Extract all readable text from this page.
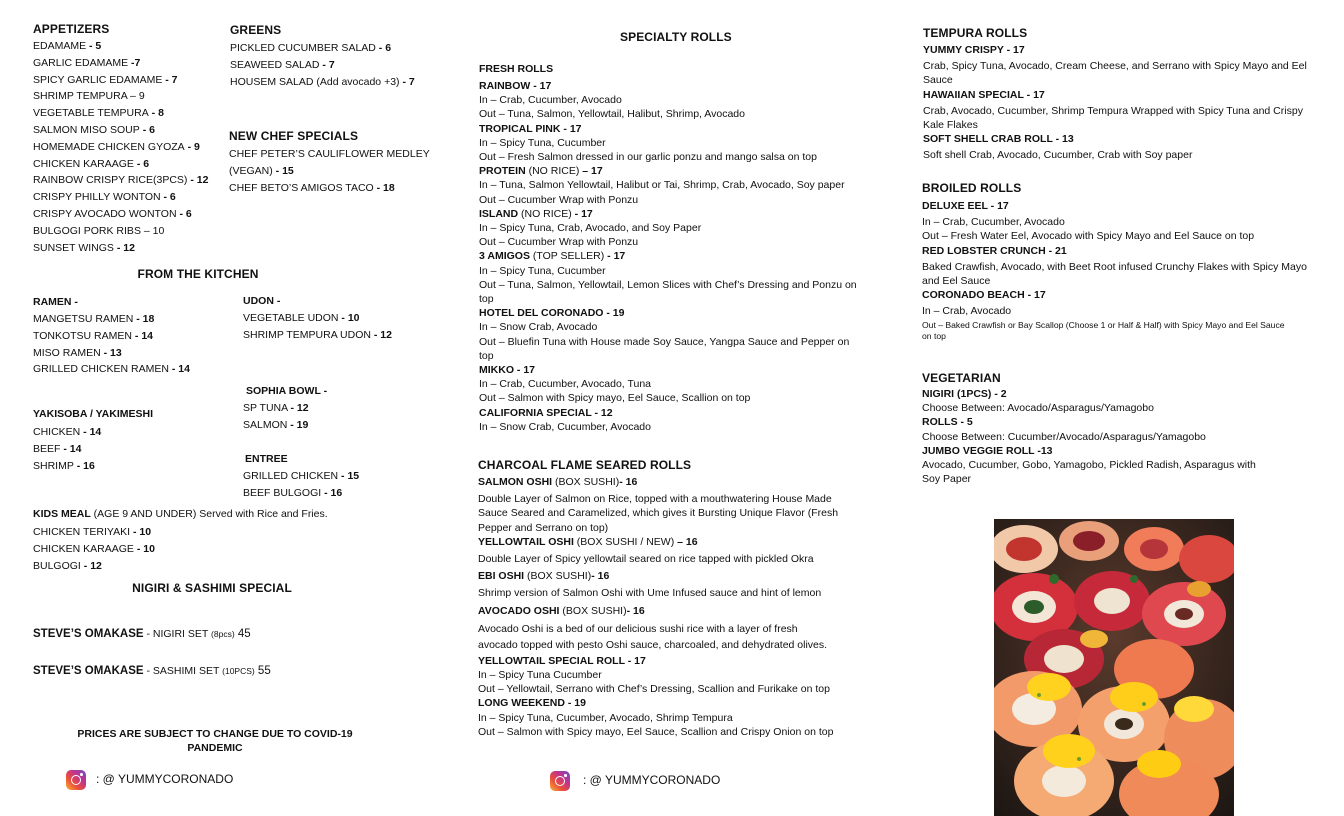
APPETIZERS
EDAMAME - 5
GARLIC EDAMAME -7
SPICY GARLIC EDAMAME - 7
SHRIMP TEMPURA – 9
VEGETABLE TEMPURA - 8
SALMON MISO SOUP - 6
HOMEMADE CHICKEN GYOZA - 9
CHICKEN KARAAGE - 6
RAINBOW CRISPY RICE(3PCS) - 12
CRISPY PHILLY WONTON - 6
CRISPY AVOCADO WONTON - 6
BULGOGI PORK RIBS – 10
SUNSET WINGS - 12
GREENS
PICKLED CUCUMBER SALAD - 6
SEAWEED SALAD - 7
HOUSEM SALAD (Add avocado +3) - 7
NEW CHEF SPECIALS
CHEF PETER’S CAULIFLOWER MEDLEY
(VEGAN) - 15
CHEF BETO’S AMIGOS TACO - 18
FROM THE KITCHEN
RAMEN -
MANGETSU RAMEN - 18
TONKOTSU RAMEN - 14
MISO RAMEN - 13
GRILLED CHICKEN RAMEN - 14
UDON -
VEGETABLE UDON - 10
SHRIMP TEMPURA UDON - 12
SOPHIA BOWL -
SP TUNA - 12
SALMON - 19
YAKISOBA / YAKIMESHI
CHICKEN - 14
BEEF - 14
SHRIMP - 16
ENTREE
GRILLED CHICKEN - 15
BEEF BULGOGI - 16
KIDS MEAL (AGE 9 AND UNDER) Served with Rice and Fries.
CHICKEN TERIYAKI - 10
CHICKEN KARAAGE - 10
BULGOGI - 12
NIGIRI & SASHIMI SPECIAL
STEVE’S OMAKASE - NIGIRI SET (8pcs) 45
STEVE’S OMAKASE - SASHIMI SET (10PCS) 55
PRICES ARE SUBJECT TO CHANGE DUE TO COVID-19
PANDEMIC
: @ YUMMYCORONADO
SPECIALTY ROLLS
FRESH ROLLS
RAINBOW - 17
In – Crab, Cucumber, Avocado
Out – Tuna, Salmon, Yellowtail, Halibut, Shrimp, Avocado
TROPICAL PINK - 17
In – Spicy Tuna, Cucumber
Out – Fresh Salmon dressed in our garlic ponzu and mango salsa on top
PROTEIN (NO RICE) – 17
In – Tuna, Salmon Yellowtail, Halibut or Tai, Shrimp, Crab, Avocado, Soy paper
Out – Cucumber Wrap with Ponzu
ISLAND (NO RICE) - 17
In – Spicy Tuna, Crab, Avocado, and Soy Paper
Out – Cucumber Wrap with Ponzu
3 AMIGOS (TOP SELLER) - 17
In – Spicy Tuna, Cucumber
Out – Tuna, Salmon, Yellowtail, Lemon Slices with Chef’s Dressing and Ponzu on
top
HOTEL DEL CORONADO - 19
In – Snow Crab, Avocado
Out – Bluefin Tuna with House made Soy Sauce, Yangpa Sauce and Pepper on
top
MIKKO - 17
In – Crab, Cucumber, Avocado, Tuna
Out – Salmon with Spicy mayo, Eel Sauce, Scallion on top
CALIFORNIA SPECIAL - 12
In – Snow Crab, Cucumber, Avocado
CHARCOAL FLAME SEARED ROLLS
SALMON OSHI (BOX SUSHI)- 16
Double Layer of Salmon on Rice, topped with a mouthwatering House Made
Sauce Seared and Caramelized, which gives it Bursting Unique Flavor (Fresh
Pepper and Serrano on top)
YELLOWTAIL OSHI (BOX SUSHI / NEW) – 16
Double Layer of Spicy yellowtail seared on rice tapped with pickled Okra
EBI OSHI (BOX SUSHI)- 16
Shrimp version of Salmon Oshi with Ume Infused sauce and hint of lemon
AVOCADO OSHI (BOX SUSHI)- 16
Avocado Oshi is a bed of our delicious sushi rice with a layer of fresh
avocado topped with pesto Oshi sauce, charcoaled, and dehydrated olives.
YELLOWTAIL SPECIAL ROLL - 17
In – Spicy Tuna Cucumber
Out – Yellowtail, Serrano with Chef’s Dressing, Scallion and Furikake on top
LONG WEEKEND - 19
In – Spicy Tuna, Cucumber, Avocado, Shrimp Tempura
Out – Salmon with Spicy mayo, Eel Sauce, Scallion and Crispy Onion on top
: @ YUMMYCORONADO
TEMPURA ROLLS
YUMMY CRISPY - 17
Crab, Spicy Tuna, Avocado, Cream Cheese, and Serrano with Spicy Mayo and Eel
Sauce
HAWAIIAN SPECIAL - 17
Crab, Avocado, Cucumber, Shrimp Tempura Wrapped with Spicy Tuna and Crispy
Kale Flakes
SOFT SHELL CRAB ROLL - 13
Soft shell Crab, Avocado, Cucumber, Crab with Soy paper
BROILED ROLLS
DELUXE EEL - 17
In – Crab, Cucumber, Avocado
Out – Fresh Water Eel, Avocado with Spicy Mayo and Eel Sauce on top
RED LOBSTER CRUNCH - 21
Baked Crawfish, Avocado, with Beet Root infused Crunchy Flakes with Spicy Mayo
and Eel Sauce
CORONADO BEACH - 17
In – Crab, Avocado
Out – Baked Crawfish or Bay Scallop (Choose 1 or Half & Half) with Spicy Mayo and Eel Sauce
on top
VEGETARIAN
NIGIRI (1PCS) - 2
Choose Between: Avocado/Asparagus/Yamagobo
ROLLS - 5
Choose Between: Cucumber/Avocado/Asparagus/Yamagobo
JUMBO VEGGIE ROLL -13
Avocado, Cucumber, Gobo, Yamagobo, Pickled Radish, Asparagus with
Soy Paper
